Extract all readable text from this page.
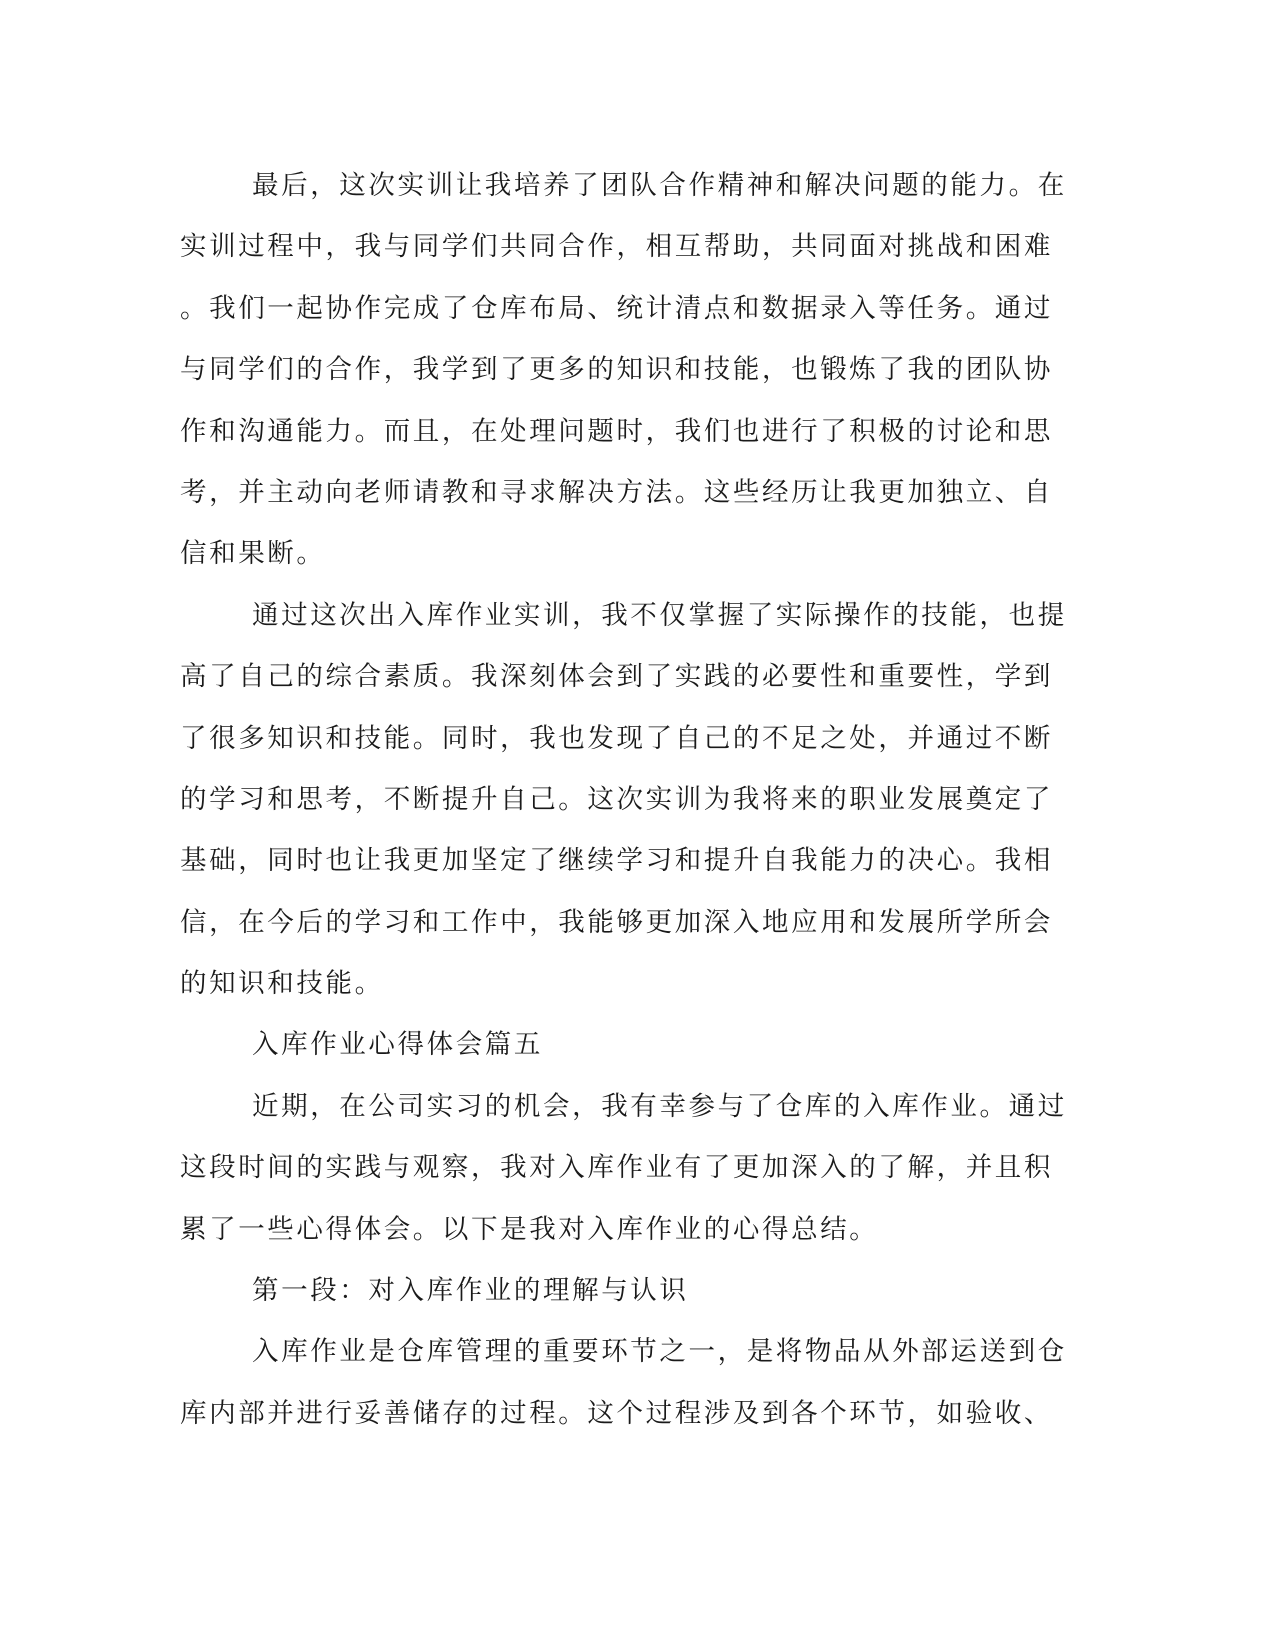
最后，这次实训让我培养了团队合作精神和解决问题的能力。在
实训过程中，我与同学们共同合作，相互帮助，共同面对挑战和困难
。我们一起协作完成了仓库布局、统计清点和数据录入等任务。通过
与同学们的合作，我学到了更多的知识和技能，也锻炼了我的团队协
作和沟通能力。而且，在处理问题时，我们也进行了积极的讨论和思
考，并主动向老师请教和寻求解决方法。这些经历让我更加独立、自
信和果断。
通过这次出入库作业实训，我不仅掌握了实际操作的技能，也提
高了自己的综合素质。我深刻体会到了实践的必要性和重要性，学到
了很多知识和技能。同时，我也发现了自己的不足之处，并通过不断
的学习和思考，不断提升自己。这次实训为我将来的职业发展奠定了
基础，同时也让我更加坚定了继续学习和提升自我能力的决心。我相
信，在今后的学习和工作中，我能够更加深入地应用和发展所学所会
的知识和技能。
入库作业心得体会篇五
近期，在公司实习的机会，我有幸参与了仓库的入库作业。通过
这段时间的实践与观察，我对入库作业有了更加深入的了解，并且积
累了一些心得体会。以下是我对入库作业的心得总结。
第一段：对入库作业的理解与认识
入库作业是仓库管理的重要环节之一，是将物品从外部运送到仓
库内部并进行妥善储存的过程。这个过程涉及到各个环节，如验收、
